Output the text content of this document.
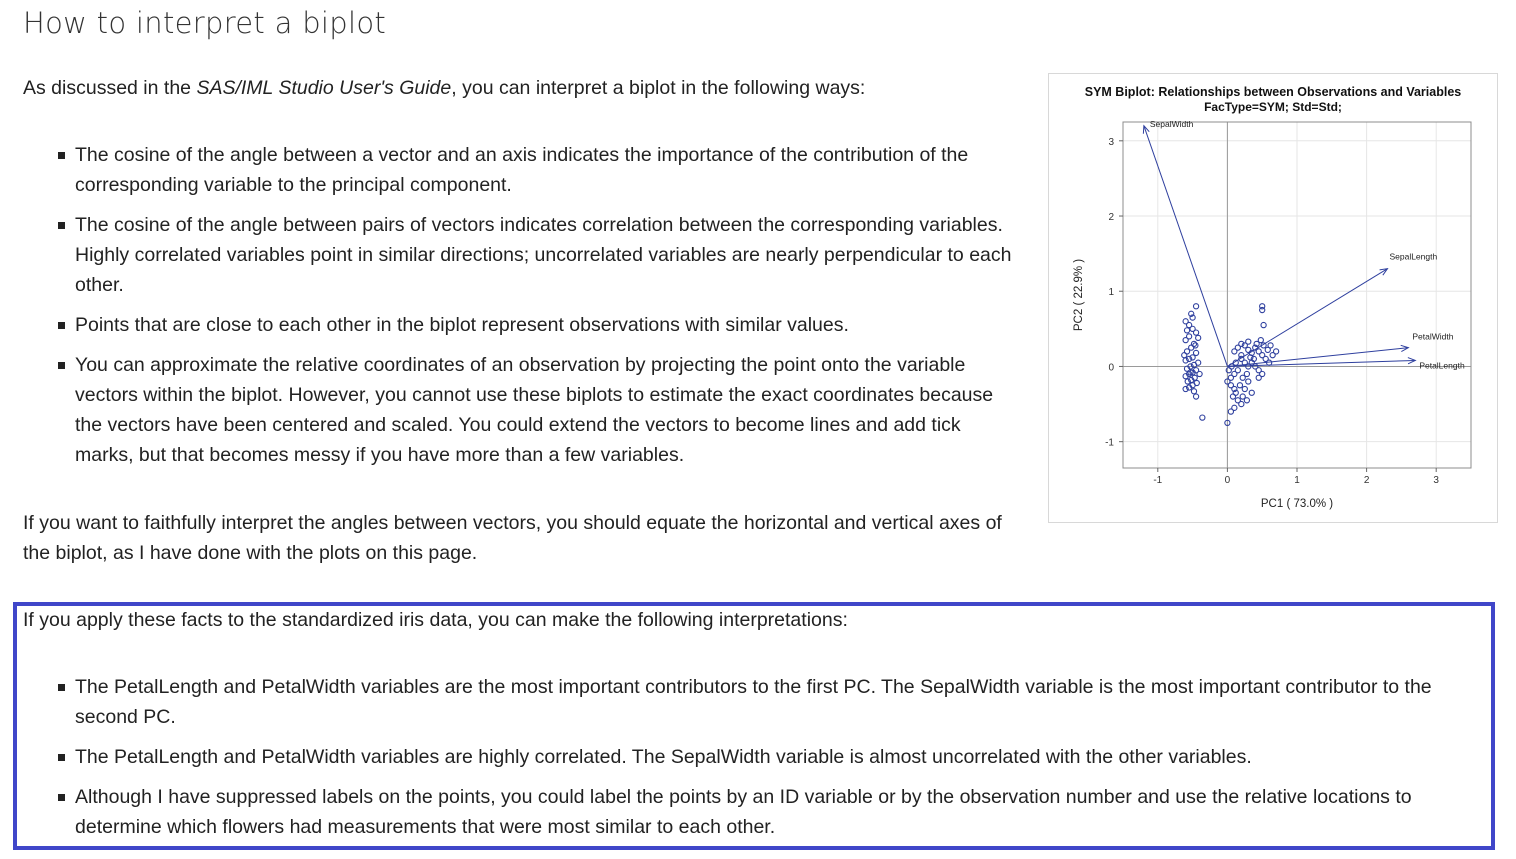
How to interpret a biplot
As discussed in the SAS/IML Studio User's Guide, you can interpret a biplot in the following ways:
The cosine of the angle between a vector and an axis indicates the importance of the contribution of the corresponding variable to the principal component.
The cosine of the angle between pairs of vectors indicates correlation between the corresponding variables. Highly correlated variables point in similar directions; uncorrelated variables are nearly perpendicular to each other.
Points that are close to each other in the biplot represent observations with similar values.
You can approximate the relative coordinates of an observation by projecting the point onto the variable vectors within the biplot. However, you cannot use these biplots to estimate the exact coordinates because the vectors have been centered and scaled. You could extend the vectors to become lines and add tick marks, but that becomes messy if you have more than a few variables.
If you want to faithfully interpret the angles between vectors, you should equate the horizontal and vertical axes of the biplot, as I have done with the plots on this page.
If you apply these facts to the standardized iris data, you can make the following interpretations:
The PetalLength and PetalWidth variables are the most important contributors to the first PC. The SepalWidth variable is the most important contributor to the second PC.
The PetalLength and PetalWidth variables are highly correlated. The SepalWidth variable is almost uncorrelated with the other variables.
Although I have suppressed labels on the points, you could label the points by an ID variable or by the observation number and use the relative locations to determine which flowers had measurements that were most similar to each other.
SYM Biplot: Relationships between Observations and Variables
FacType=SYM; Std=Std;
-1	0	1	2	3
-1
0
1
2
3
PC1 ( 73.0% )
PC2 ( 22.9% )
SepalWidth
SepalLength
PetalWidth
PetalLength
